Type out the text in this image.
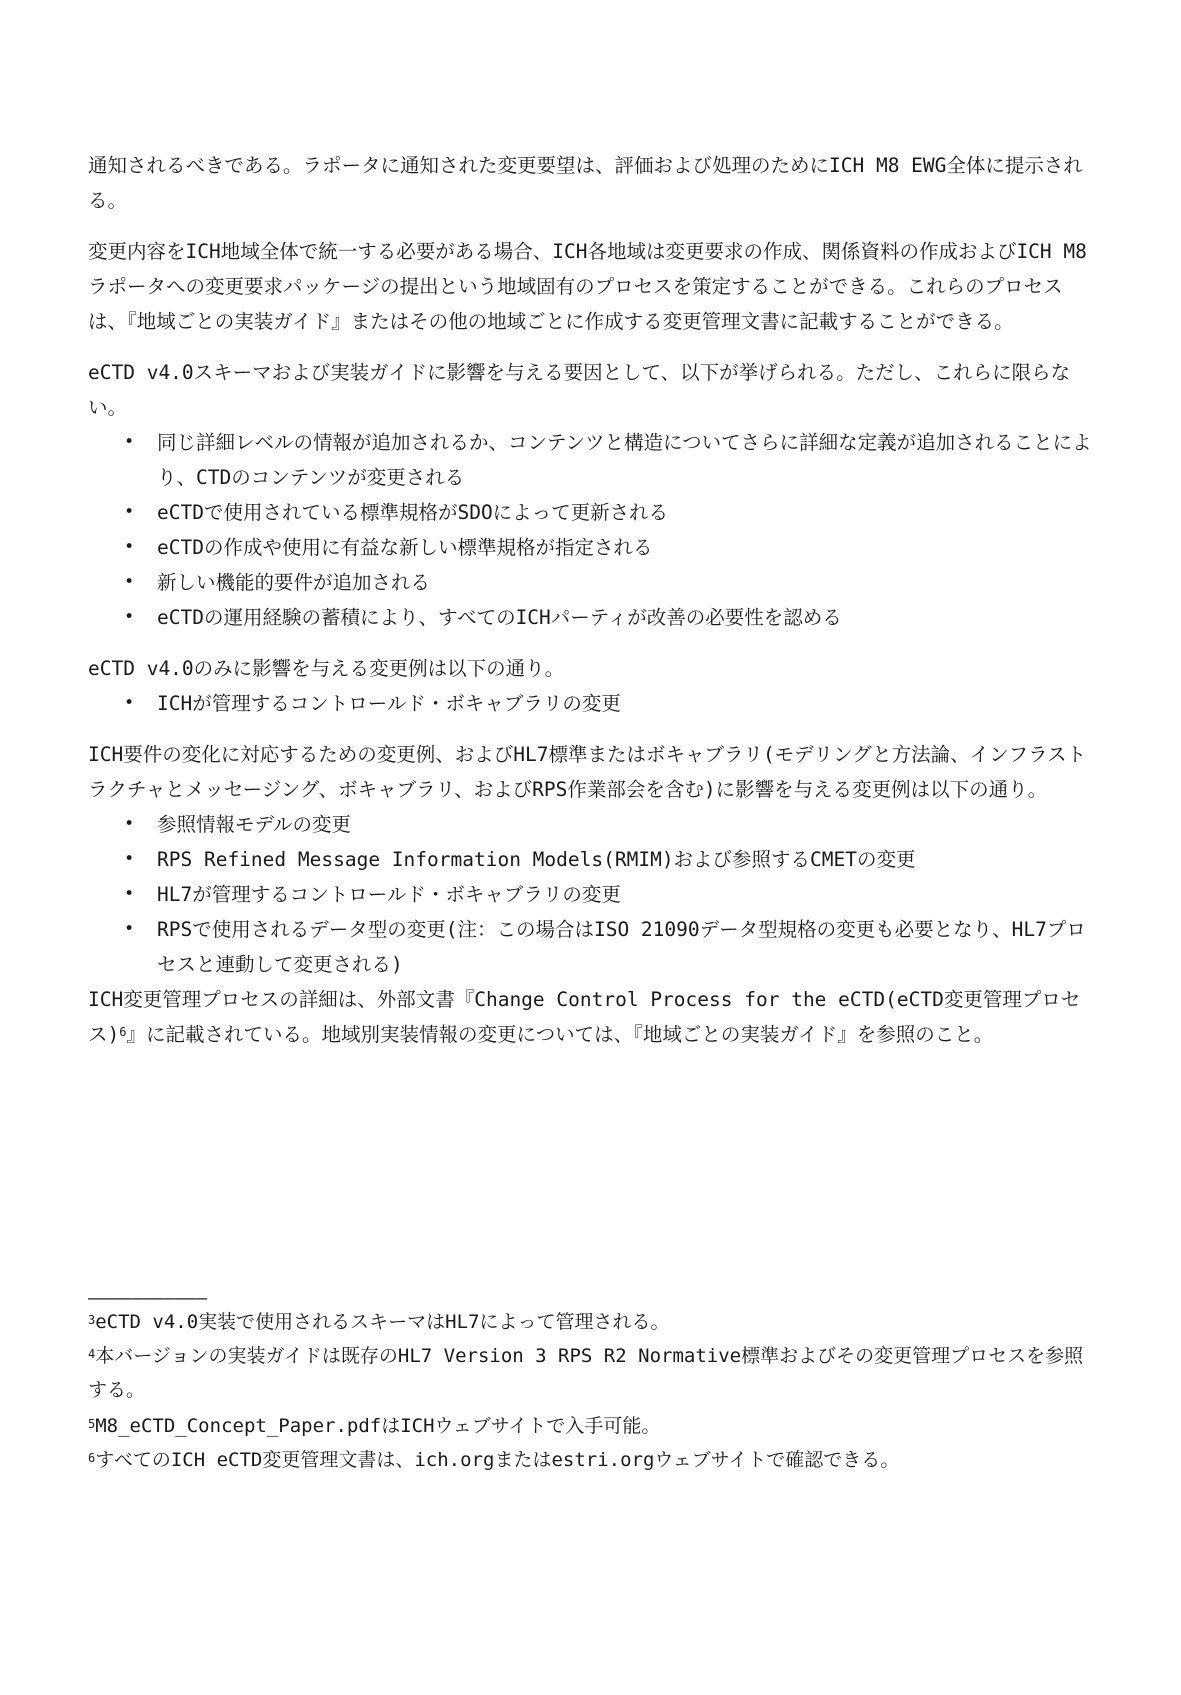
通知されるべきである。ラポータに通知された変更要望は、評価および処理のためにICH M8 EWG全体に提示される。

変更内容をICH地域全体で統一する必要がある場合、ICH各地域は変更要求の作成、関係資料の作成およびICH M8 ラポータへの変更要求パッケージの提出という地域固有のプロセスを策定することができる。これらのプロセスは、『地域ごとの実装ガイド』またはその他の地域ごとに作成する変更管理文書に記載することができる。

eCTD v4.0スキーマおよび実装ガイドに影響を与える要因として、以下が挙げられる。ただし、これらに限らない。

• 同じ詳細レベルの情報が追加されるか、コンテンツと構造についてさらに詳細な定義が追加されることにより、CTDのコンテンツが変更される
• eCTDで使用されている標準規格がSDOによって更新される
• eCTDの作成や使用に有益な新しい標準規格が指定される
• 新しい機能的要件が追加される
• eCTDの運用経験の蓄積により、すべてのICHパーティが改善の必要性を認める

eCTD v4.0のみに影響を与える変更例は以下の通り。

• ICHが管理するコントロールド・ボキャブラリの変更

ICH要件の変化に対応するための変更例、およびHL7標準またはボキャブラリ(モデリングと方法論、インフラストラクチャとメッセージング、ボキャブラリ、およびRPS作業部会を含む)に影響を与える変更例は以下の通り。

• 参照情報モデルの変更
• RPS Refined Message Information Models(RMIM)および参照するCMETの変更
• HL7が管理するコントロールド・ボキャブラリの変更
• RPSで使用されるデータ型の変更(注：この場合はISO 21090データ型規格の変更も必要となり、HL7プロセスと連動して変更される)

ICH変更管理プロセスの詳細は、外部文書『Change Control Process for the eCTD(eCTD変更管理プロセス)$^6$』に記載されている。地域別実装情報の変更については、『地域ごとの実装ガイド』を参照のこと。

―――――――――――
$^3$eCTD v4.0実装で使用されるスキーマはHL7によって管理される。
$^4$本バージョンの実装ガイドは既存のHL7 Version 3 RPS R2 Normative標準およびその変更管理プロセスを参照する。
$^5$M8_eCTD_Concept_Paper.pdfはICHウェブサイトで入手可能。
$^6$すべてのICH eCTD変更管理文書は、ich.orgまたはestri.orgウェブサイトで確認できる。
